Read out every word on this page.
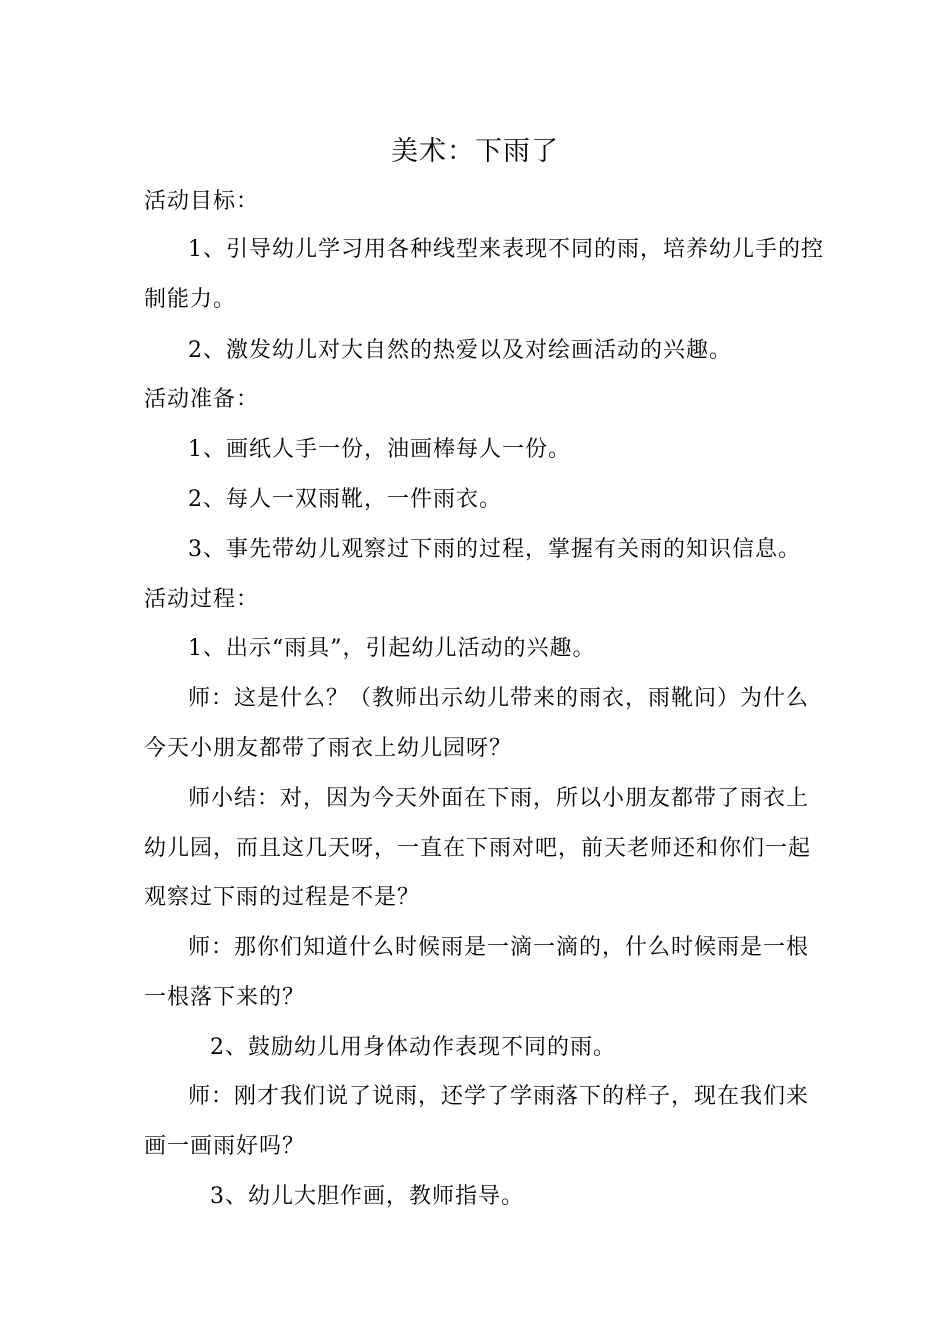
美术：下雨了
活动目标：
1、引导幼儿学习用各种线型来表现不同的雨，培养幼儿手的控
制能力。
2、激发幼儿对大自然的热爱以及对绘画活动的兴趣。
活动准备：
1、画纸人手一份，油画棒每人一份。
2、每人一双雨靴，一件雨衣。
3、事先带幼儿观察过下雨的过程，掌握有关雨的知识信息。
活动过程：
1、出示“雨具”，引起幼儿活动的兴趣。
师：这是什么？（教师出示幼儿带来的雨衣，雨靴问）为什么
今天小朋友都带了雨衣上幼儿园呀？
师小结：对，因为今天外面在下雨，所以小朋友都带了雨衣上
幼儿园，而且这几天呀，一直在下雨对吧，前天老师还和你们一起
观察过下雨的过程是不是？
师：那你们知道什么时候雨是一滴一滴的，什么时候雨是一根
一根落下来的？
2、鼓励幼儿用身体动作表现不同的雨。
师：刚才我们说了说雨，还学了学雨落下的样子，现在我们来
画一画雨好吗？
3、幼儿大胆作画，教师指导。
